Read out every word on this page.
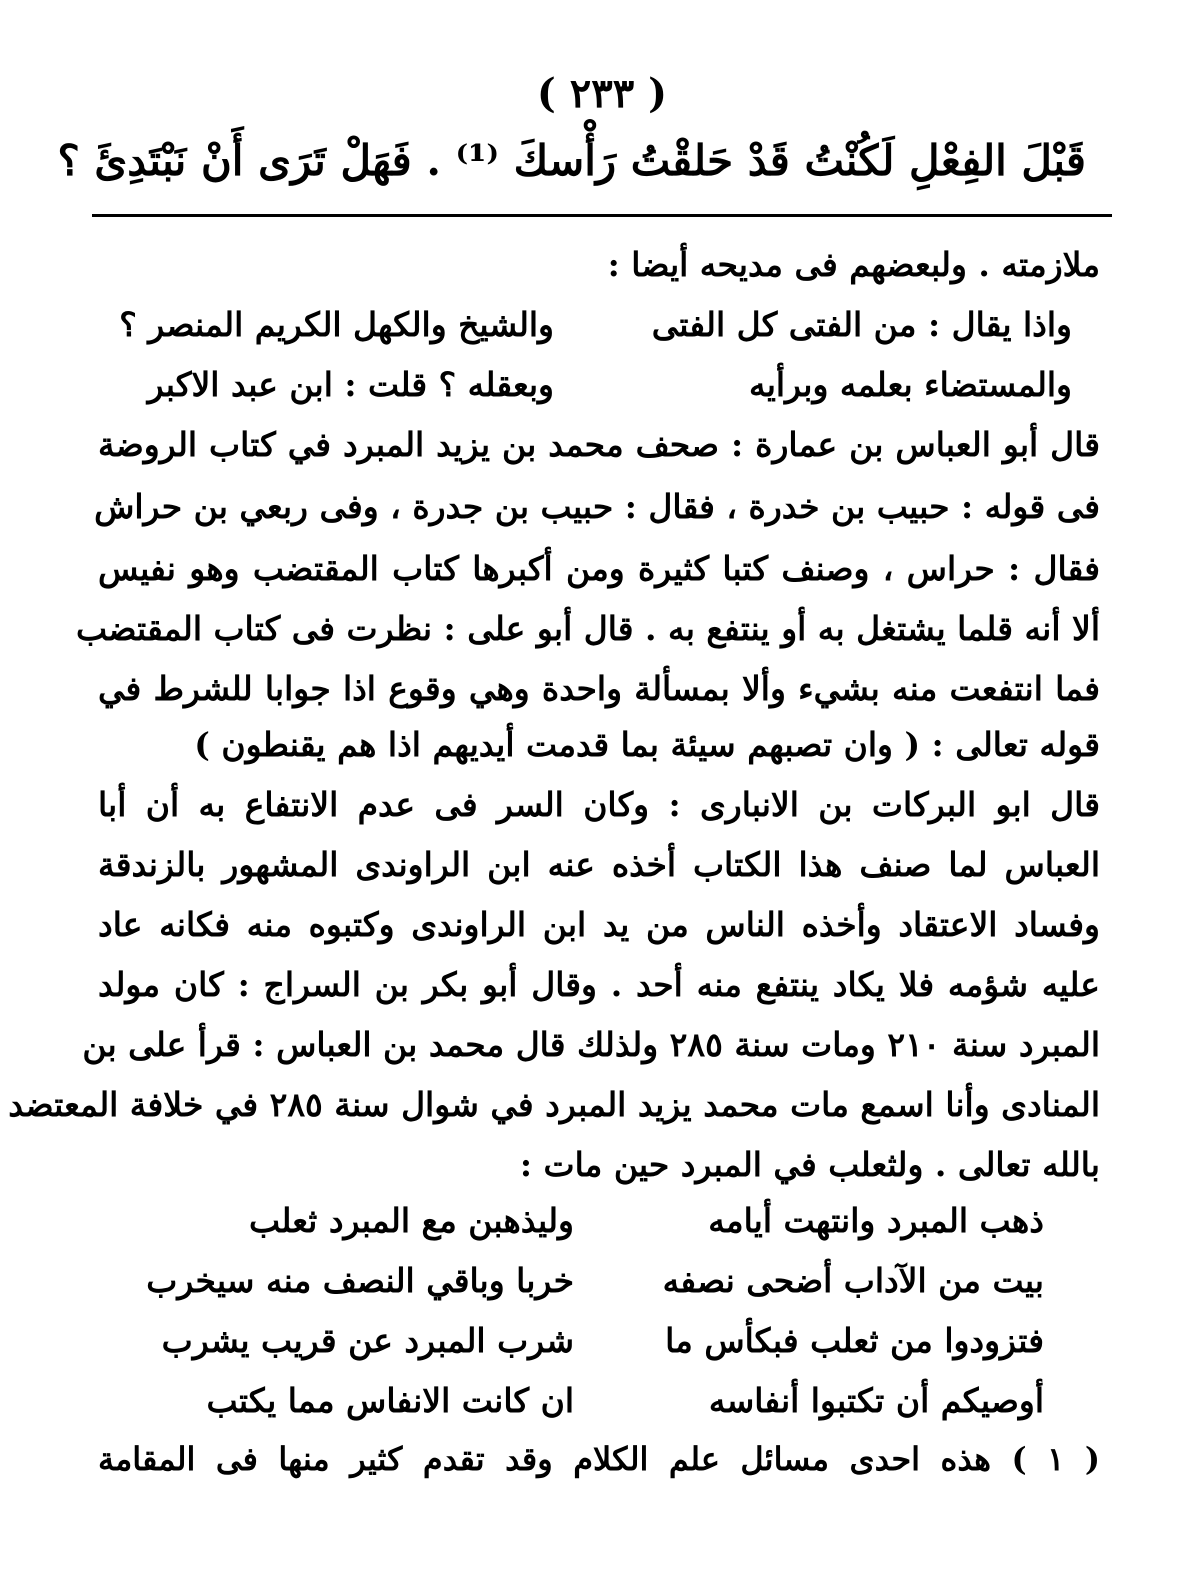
( ٢٣٣ )
قَبْلَ الفِعْلِ لَكُنْتُ قَدْ حَلقْتُ رَأْسكَ ⁽¹⁾ . فَهَلْ تَرَى أَنْ نَبْتَدِئَ ؟
ملازمته . ولبعضهم فى مديحه أيضا :
واذا يقال : من الفتى كل الفتى
والشيخ والكهل الكريم المنصر ؟
والمستضاء بعلمه وبرأيه
وبعقله ؟ قلت : ابن عبد الاكبر
قال أبو العباس بن عمارة : صحف محمد بن يزيد المبرد في كتاب الروضة
فى قوله : حبيب بن خدرة ، فقال : حبيب بن جدرة ، وفى ربعي بن حراش
فقال : حراس ، وصنف كتبا كثيرة ومن أكبرها كتاب المقتضب وهو نفيس
ألا أنه قلما يشتغل به أو ينتفع به . قال أبو على : نظرت فى كتاب المقتضب
فما انتفعت منه بشيء وألا بمسألة واحدة وهي وقوع اذا جوابا للشرط في
قوله تعالى : ( وان تصبهم سيئة بما قدمت أيديهم اذا هم يقنطون )
قال ابو البركات بن الانبارى : وكان السر فى عدم الانتفاع به أن أبا
العباس لما صنف هذا الكتاب أخذه عنه ابن الراوندى المشهور بالزندقة
وفساد الاعتقاد وأخذه الناس من يد ابن الراوندى وكتبوه منه فكانه عاد
عليه شؤمه فلا يكاد ينتفع منه أحد . وقال أبو بكر بن السراج : كان مولد
المبرد سنة ٢١٠ ومات سنة ٢٨٥ ولذلك قال محمد بن العباس : قرأ على بن
المنادى وأنا اسمع مات محمد يزيد المبرد في شوال سنة ٢٨٥ في خلافة المعتضد
بالله تعالى . ولثعلب في المبرد حين مات :
ذهب المبرد وانتهت أيامه
وليذهبن مع المبرد ثعلب
بيت من الآداب أضحى نصفه
خربا وباقي النصف منه سيخرب
فتزودوا من ثعلب فبكأس ما
شرب المبرد عن قريب يشرب
أوصيكم أن تكتبوا أنفاسه
ان كانت الانفاس مما يكتب
( ١ ) هذه احدى مسائل علم الكلام وقد تقدم كثير منها فى المقامة
